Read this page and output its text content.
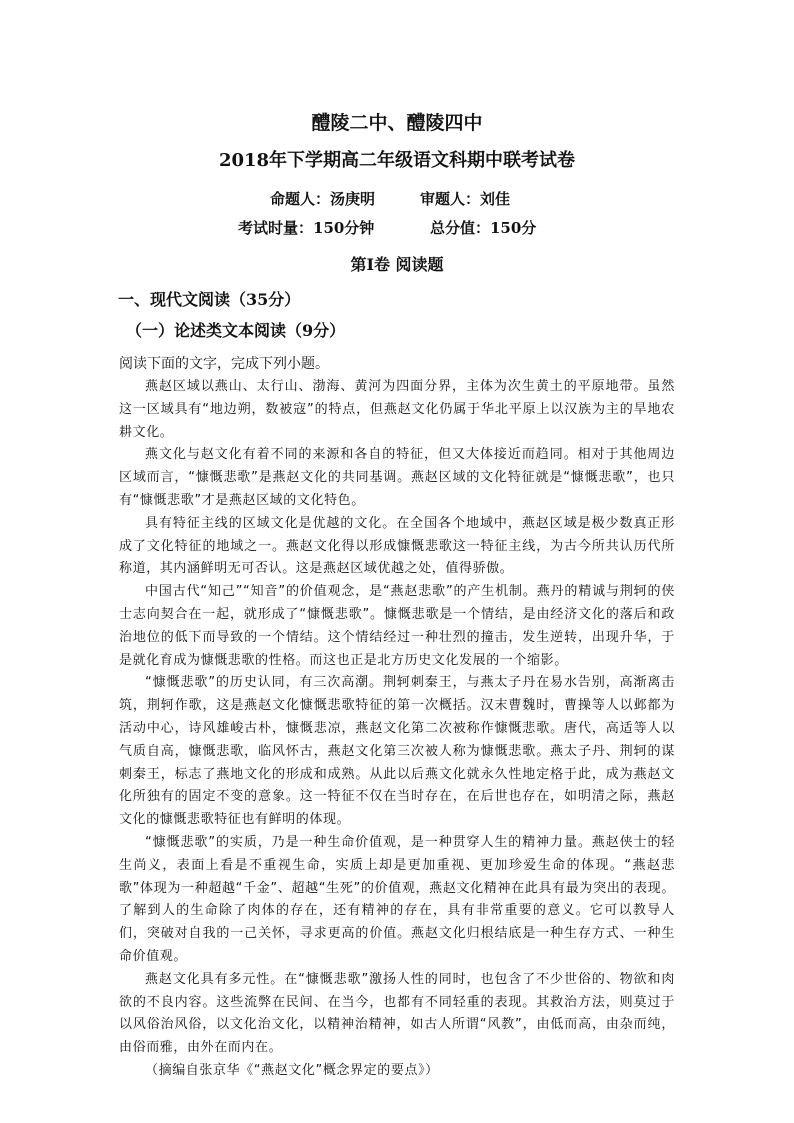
醴陵二中、醴陵四中
2018年下学期高二年级语文科期中联考试卷
命题人：汤庚明	审题人：刘佳
考试时量：150分钟	总分值：150分
第Ⅰ卷 阅读题
一、现代文阅读（35分）
（一）论述类文本阅读（9分）
阅读下面的文字，完成下列小题。

燕赵区域以燕山、太行山、渤海、黄河为四面分界，主体为次生黄土的平原地带。虽然这一区域具有“地边朔，数被寇”的特点，但燕赵文化仍属于华北平原上以汉族为主的旱地农耕文化。

燕文化与赵文化有着不同的来源和各自的特征，但又大体接近而趋同。相对于其他周边区域而言，“慷慨悲歌”是燕赵文化的共同基调。燕赵区域的文化特征就是“慷慨悲歌”，也只有“慷慨悲歌”才是燕赵区域的文化特色。

具有特征主线的区域文化是优越的文化。在全国各个地域中，燕赵区域是极少数真正形成了文化特征的地域之一。燕赵文化得以形成慷慨悲歌这一特征主线，为古今所共认历代所称道，其内涵鲜明无可否认。这是燕赵区域优越之处，值得骄傲。

中国古代“知己”“知音”的价值观念，是“燕赵悲歌”的产生机制。燕丹的精诚与荆轲的侠士志向契合在一起，就形成了“慷慨悲歌”。慷慨悲歌是一个情结，是由经济文化的落后和政治地位的低下而导致的一个情结。这个情结经过一种壮烈的撞击，发生逆转，出现升华，于是就化育成为慷慨悲歌的性格。而这也正是北方历史文化发展的一个缩影。

“慷慨悲歌”的历史认同，有三次高潮。荆轲刺秦王，与燕太子丹在易水告别，高渐离击筑，荆轲作歌，这是燕赵文化慷慨悲歌特征的第一次概括。汉末曹魏时，曹操等人以邺都为活动中心，诗风雄峻古朴，慷慨悲凉，燕赵文化第二次被称作慷慨悲歌。唐代，高适等人以气质自高，慷慨悲歌，临风怀古，燕赵文化第三次被人称为慷慨悲歌。燕太子丹、荆轲的谋刺秦王，标志了燕地文化的形成和成熟。从此以后燕文化就永久性地定格于此，成为燕赵文化所独有的固定不变的意象。这一特征不仅在当时存在，在后世也存在，如明清之际，燕赵文化的慷慨悲歌特征也有鲜明的体现。

“慷慨悲歌”的实质，乃是一种生命价值观，是一种贯穿人生的精神力量。燕赵侠士的轻生尚义，表面上看是不重视生命，实质上却是更加重视、更加珍爱生命的体现。“燕赵悲歌”体现为一种超越“千金”、超越“生死”的价值观，燕赵文化精神在此具有最为突出的表现。了解到人的生命除了肉体的存在，还有精神的存在，具有非常重要的意义。它可以教导人们，突破对自我的一己关怀，寻求更高的价值。燕赵文化归根结底是一种生存方式、一种生命价值观。

燕赵文化具有多元性。在“慷慨悲歌”激扬人性的同时，也包含了不少世俗的、物欲和肉欲的不良内容。这些流弊在民间、在当今，也都有不同轻重的表现。其救治方法，则莫过于以风俗治风俗，以文化治文化，以精神治精神，如古人所谓“风教”，由低而高，由杂而纯，由俗而雅，由外在而内在。

（摘编自张京华《“燕赵文化”概念界定的要点》）
